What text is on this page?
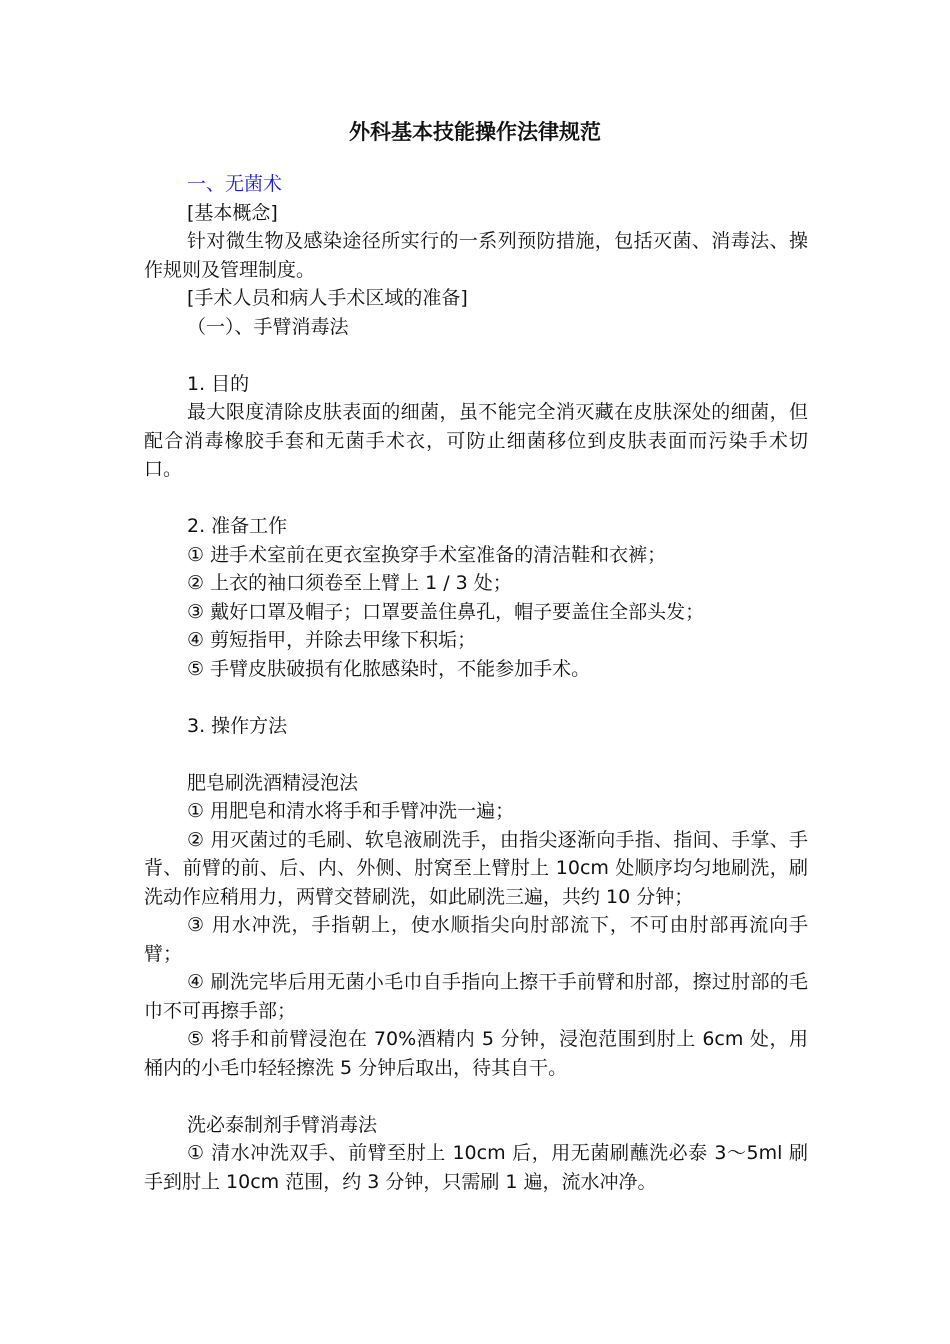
外科基本技能操作法律规范

一、无菌术

[基本概念]

针对微生物及感染途径所实行的一系列预防措施，包括灭菌、消毒法、操作规则及管理制度。

[手术人员和病人手术区域的准备]

（一）、手臂消毒法

1. 目的

最大限度清除皮肤表面的细菌，虽不能完全消灭藏在皮肤深处的细菌，但配合消毒橡胶手套和无菌手术衣，可防止细菌移位到皮肤表面而污染手术切口。

2. 准备工作

① 进手术室前在更衣室换穿手术室准备的清洁鞋和衣裤；

② 上衣的袖口须卷至上臂上 1 / 3 处；

③ 戴好口罩及帽子；口罩要盖住鼻孔，帽子要盖住全部头发；

④ 剪短指甲，并除去甲缘下积垢；

⑤ 手臂皮肤破损有化脓感染时，不能参加手术。

3. 操作方法

肥皂刷洗酒精浸泡法

① 用肥皂和清水将手和手臂冲洗一遍；

② 用灭菌过的毛刷、软皂液刷洗手，由指尖逐渐向手指、指间、手掌、手背、前臂的前、后、内、外侧、肘窝至上臂肘上 10cm 处顺序均匀地刷洗，刷洗动作应稍用力，两臂交替刷洗，如此刷洗三遍，共约 10 分钟；

③ 用水冲洗，手指朝上，使水顺指尖向肘部流下，不可由肘部再流向手臂；

④ 刷洗完毕后用无菌小毛巾自手指向上擦干手前臂和肘部，擦过肘部的毛巾不可再擦手部；

⑤ 将手和前臂浸泡在 70%酒精内 5 分钟，浸泡范围到肘上 6cm 处，用桶内的小毛巾轻轻擦洗 5 分钟后取出，待其自干。

洗必泰制剂手臂消毒法

① 清水冲洗双手、前臂至肘上 10cm 后，用无菌刷蘸洗必泰 3～5ml 刷手到肘上 10cm 范围，约 3 分钟，只需刷 1 遍，流水冲净。
